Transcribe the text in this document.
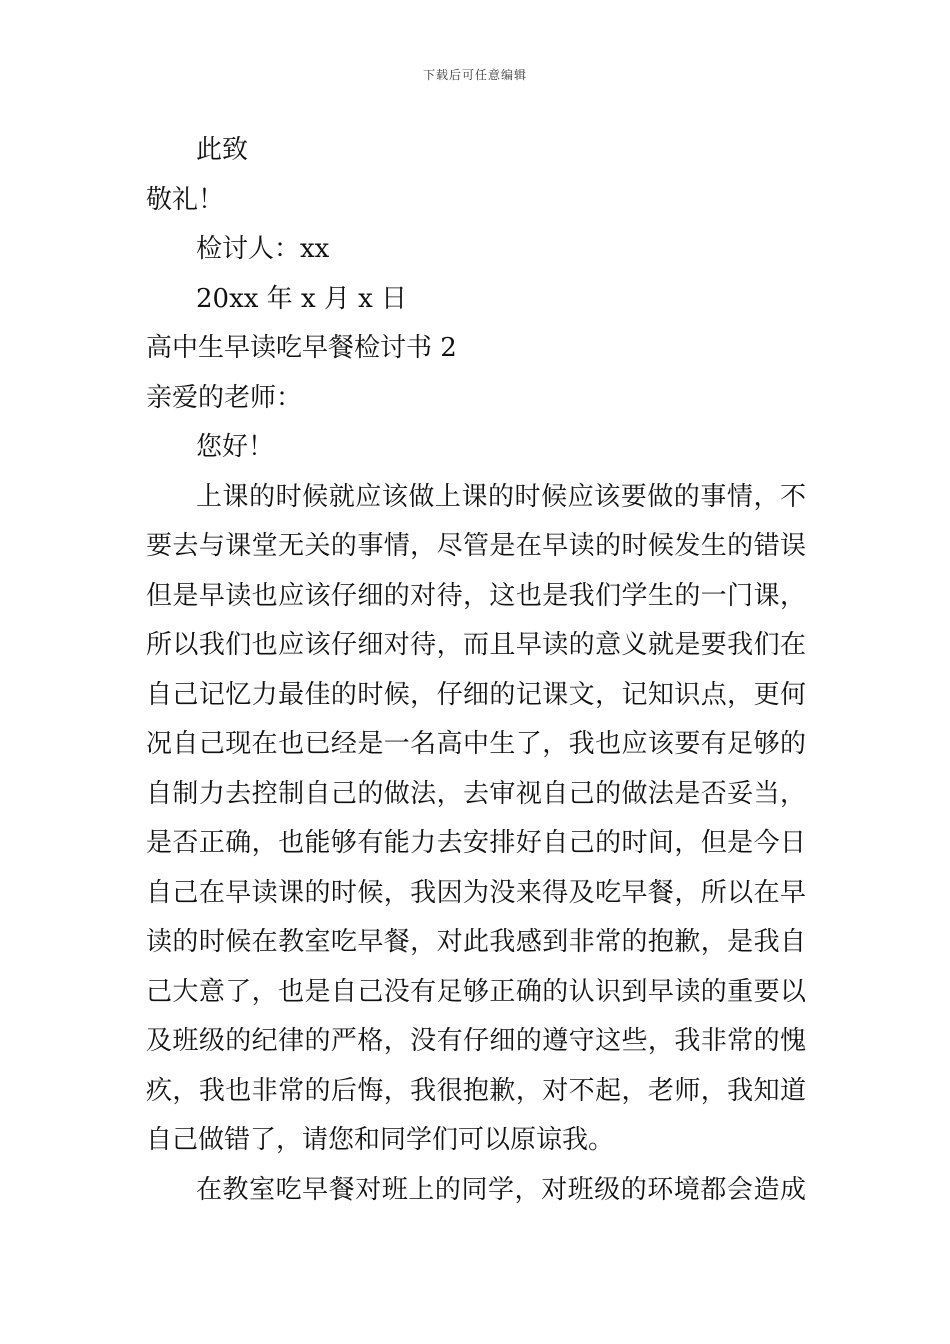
下载后可任意编辑
此致
敬礼！
检讨人：xx
20xx 年 x 月 x 日
高中生早读吃早餐检讨书 2
亲爱的老师：
您好！
上课的时候就应该做上课的时候应该要做的事情，不
要去与课堂无关的事情，尽管是在早读的时候发生的错误
但是早读也应该仔细的对待，这也是我们学生的一门课，
所以我们也应该仔细对待，而且早读的意义就是要我们在
自己记忆力最佳的时候，仔细的记课文，记知识点，更何
况自己现在也已经是一名高中生了，我也应该要有足够的
自制力去控制自己的做法，去审视自己的做法是否妥当，
是否正确，也能够有能力去安排好自己的时间，但是今日
自己在早读课的时候，我因为没来得及吃早餐，所以在早
读的时候在教室吃早餐，对此我感到非常的抱歉，是我自
己大意了，也是自己没有足够正确的认识到早读的重要以
及班级的纪律的严格，没有仔细的遵守这些，我非常的愧
疚，我也非常的后悔，我很抱歉，对不起，老师，我知道
自己做错了，请您和同学们可以原谅我。
在教室吃早餐对班上的同学，对班级的环境都会造成
